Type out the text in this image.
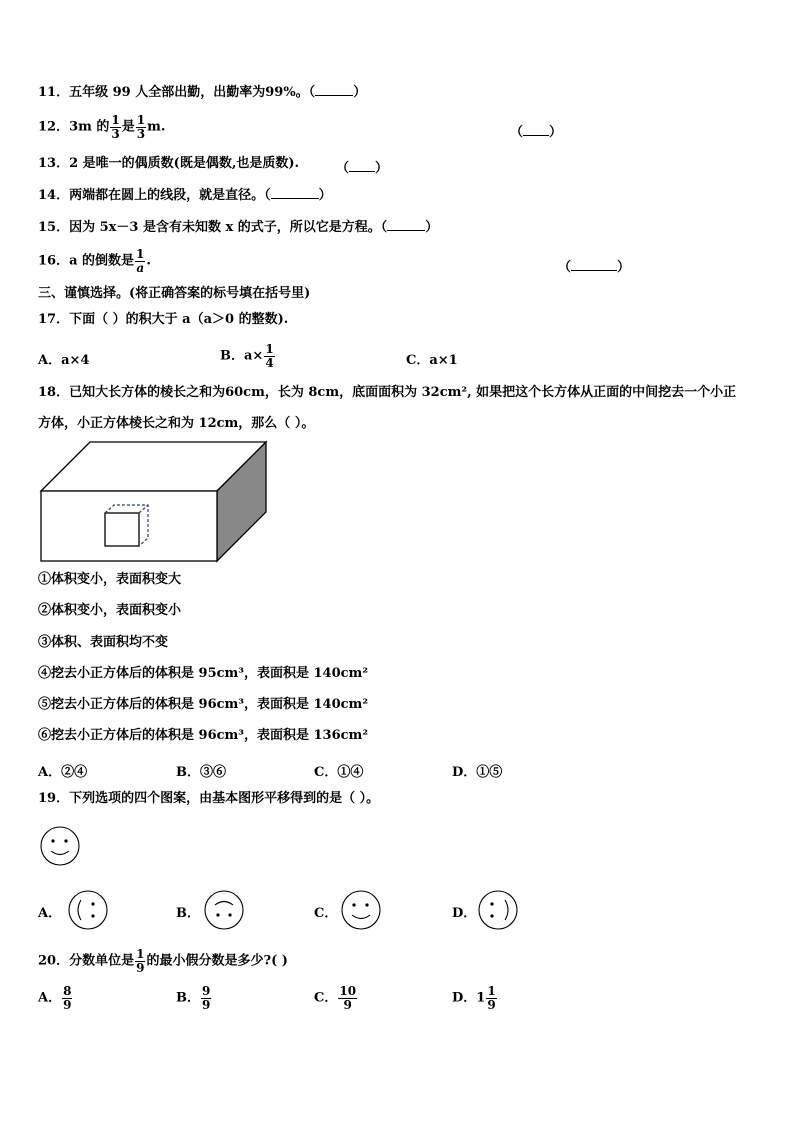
11．五年级 99 人全部出勤，出勤率为99%。（	）
12．3m 的 $\frac{1}{3}$ 是 $\frac{1}{3} m$.	（ ）
13．2 是唯一的偶质数(既是偶数,也是质数).	（ ）
14．两端都在圆上的线段，就是直径。（	）
15．因为 5x－3 是含有未知数 x 的式子，所以它是方程。（	）
16．a 的倒数是 $\frac{1}{a}$ .	（	）
三、谨慎选择。(将正确答案的标号填在括号里)
17．下面（ ）的积大于 a（a＞0 的整数).
A．a×4	B．$a\times \frac{1}{4}$	C．a×1
18．已知大长方体的棱长之和为60cm，长为 8cm，底面面积为 32cm², 如果把这个长方体从正面的中间挖去一个小正
方体，小正方体棱长之和为 12cm，那么（ ）。
①体积变小，表面积变大
②体积变小，表面积变小
③体积、表面积均不变
④挖去小正方体后的体积是 95cm³，表面积是 140cm²
⑤挖去小正方体后的体积是 96cm³，表面积是 140cm²
⑥挖去小正方体后的体积是 96cm³，表面积是 136cm²
A．②④	B．③⑥	C．①④	D．①⑤
19．下列选项的四个图案，由基本图形平移得到的是（ ）。
A．	B．	C．	D．
20．分数单位是 $\frac{1}{9}$ 的最小假分数是多少?( )
A． $\frac{8}{9}$	B． $\frac{9}{9}$	C． $\frac{10}{9}$	D．$1 \frac{1}{9}$
